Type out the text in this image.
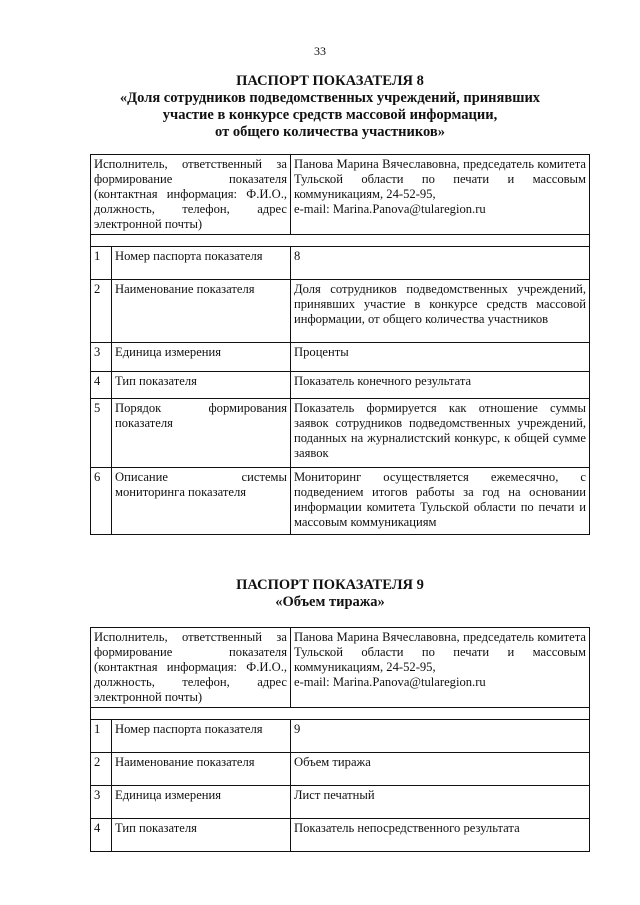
33
ПАСПОРТ ПОКАЗАТЕЛЯ 8
«Доля сотрудников подведомственных учреждений, принявших
участие в конкурсе средств массовой информации,
от общего количества участников»
Исполнитель, ответственный за формирование показателя (контактная информация: Ф.И.О., должность, телефон, адрес электронной почты)		Панова Марина Вячеславовна, председатель комитета Тульской области по печати и массовым коммуникациям, 24-52-95,
e-mail: Marina.Panova@tularegion.ru

1	Номер паспорта показателя	8
2	Наименование показателя	Доля сотрудников подведомственных учреждений, принявших участие в конкурсе средств массовой информации, от общего количества участников
3	Единица измерения	Проценты
4	Тип показателя	Показатель конечного результата
5	Порядок формирования показателя	Показатель формируется как отношение суммы заявок сотрудников подведомственных учреждений, поданных на журналистский конкурс, к общей сумме заявок
6	Описание системы мониторинга показателя	Мониторинг осуществляется ежемесячно, с подведением итогов работы за год на основании информации комитета Тульской области по печати и массовым коммуникациям
ПАСПОРТ ПОКАЗАТЕЛЯ 9
«Объем тиража»
Исполнитель, ответственный за формирование показателя (контактная информация: Ф.И.О., должность, телефон, адрес электронной почты)		Панова Марина Вячеславовна, председатель комитета Тульской области по печати и массовым коммуникациям, 24-52-95,
e-mail: Marina.Panova@tularegion.ru

1	Номер паспорта показателя	9
2	Наименование показателя	Объем тиража
3	Единица измерения	Лист печатный
4	Тип показателя	Показатель непосредственного результата
